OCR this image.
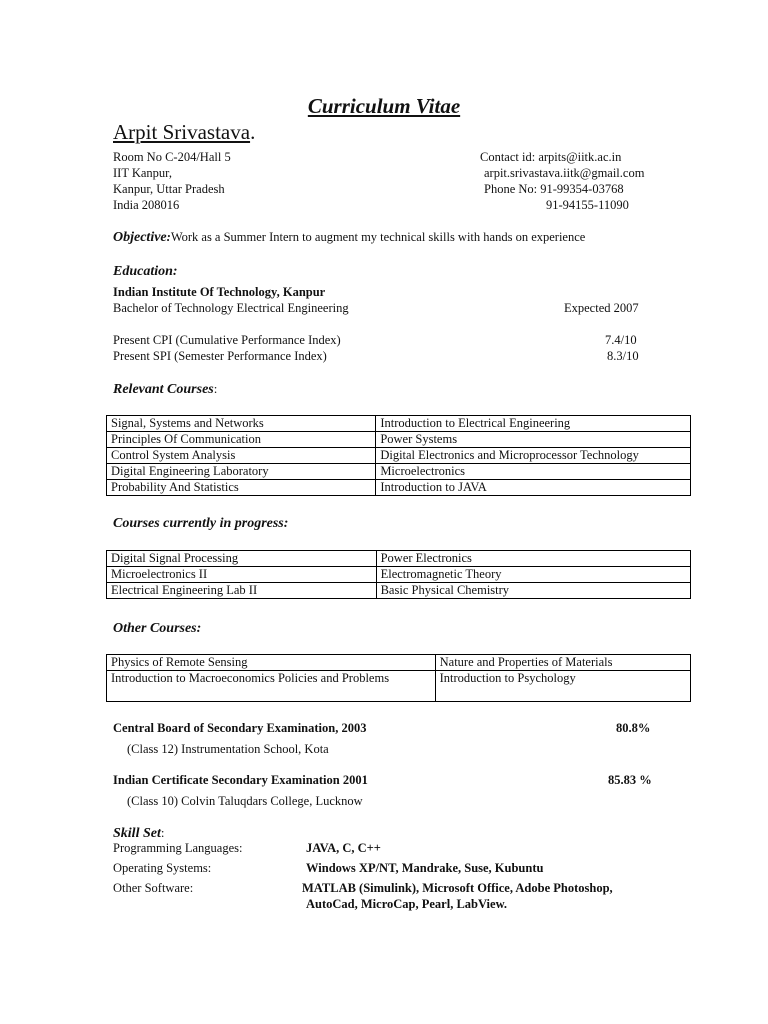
Curriculum Vitae
Arpit Srivastava.
Room No C-204/Hall 5
IIT Kanpur,
Kanpur, Uttar Pradesh
India 208016
Contact id: arpits@iitk.ac.in
arpit.srivastava.iitk@gmail.com
Phone No: 91-99354-03768
91-94155-11090
Objective:Work as a Summer Intern to augment my technical skills with hands on experience
Education:
Indian Institute Of Technology, Kanpur
Bachelor of Technology Electrical Engineering	Expected 2007
Present CPI (Cumulative Performance Index)	7.4/10
Present SPI (Semester Performance Index)	8.3/10
Relevant Courses:
Signal, Systems and Networks	Introduction to Electrical Engineering
Principles Of Communication	Power Systems
Control System Analysis	Digital Electronics and Microprocessor Technology
Digital Engineering Laboratory	Microelectronics
Probability And Statistics	Introduction to JAVA
Courses currently in progress:
Digital Signal Processing	Power Electronics
Microelectronics II	Electromagnetic Theory
Electrical Engineering Lab II	Basic Physical Chemistry
Other Courses:
Physics of Remote Sensing	Nature and Properties of Materials
Introduction to Macroeconomics Policies and Problems	Introduction to Psychology
Central Board of Secondary Examination, 2003	80.8%
(Class 12) Instrumentation School, Kota
Indian Certificate Secondary Examination 2001	85.83 %
(Class 10) Colvin Taluqdars College, Lucknow
Skill Set:
Programming Languages:	JAVA, C, C++
Operating Systems:	Windows XP/NT, Mandrake, Suse, Kubuntu
Other Software:	MATLAB (Simulink), Microsoft Office, Adobe Photoshop,
AutoCad, MicroCap, Pearl, LabView.
